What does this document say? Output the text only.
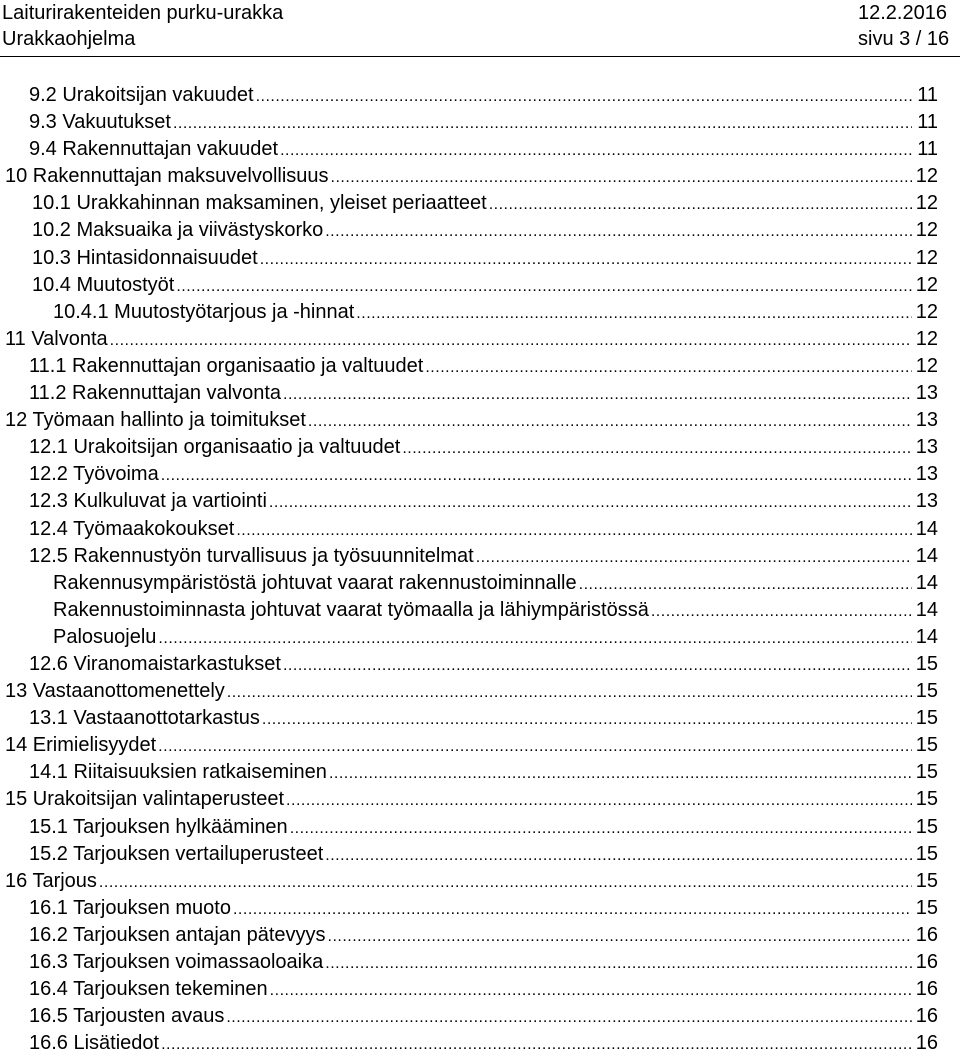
Laiturirakenteiden purku-urakka	12.2.2016
Urakkaohjelma	sivu 3 / 16
9.2 Urakoitsijan vakuudet .....	11
9.3 Vakuutukset .....	11
9.4 Rakennuttajan vakuudet .....	11
10 Rakennuttajan maksuvelvollisuus .....	12
10.1 Urakkahinnan maksaminen, yleiset periaatteet .....	12
10.2 Maksuaika ja viivästyskorko .....	12
10.3 Hintasidonnaisuudet .....	12
10.4 Muutostyöt .....	12
10.4.1 Muutostyötarjous ja -hinnat .....	12
11 Valvonta .....	12
11.1 Rakennuttajan organisaatio ja valtuudet .....	12
11.2 Rakennuttajan valvonta .....	13
12 Työmaan hallinto ja toimitukset .....	13
12.1 Urakoitsijan organisaatio ja valtuudet .....	13
12.2 Työvoima .....	13
12.3 Kulkuluvat ja vartiointi .....	13
12.4 Työmaakokoukset .....	14
12.5 Rakennustyön turvallisuus ja työsuunnitelmat .....	14
Rakennusympäristöstä johtuvat vaarat rakennustoiminnalle .....	14
Rakennustoiminnasta johtuvat vaarat työmaalla ja lähiympäristössä .....	14
Palosuojelu .....	14
12.6 Viranomaistarkastukset .....	15
13 Vastaanottomenettely .....	15
13.1 Vastaanottotarkastus .....	15
14 Erimielisyydet .....	15
14.1 Riitaisuuksien ratkaiseminen .....	15
15 Urakoitsijan valintaperusteet .....	15
15.1 Tarjouksen hylkääminen .....	15
15.2 Tarjouksen vertailuperusteet .....	15
16 Tarjous .....	15
16.1 Tarjouksen muoto .....	15
16.2 Tarjouksen antajan pätevyys .....	16
16.3 Tarjouksen voimassaoloaika .....	16
16.4 Tarjouksen tekeminen .....	16
16.5 Tarjousten avaus .....	16
16.6 Lisätiedot .....	16
